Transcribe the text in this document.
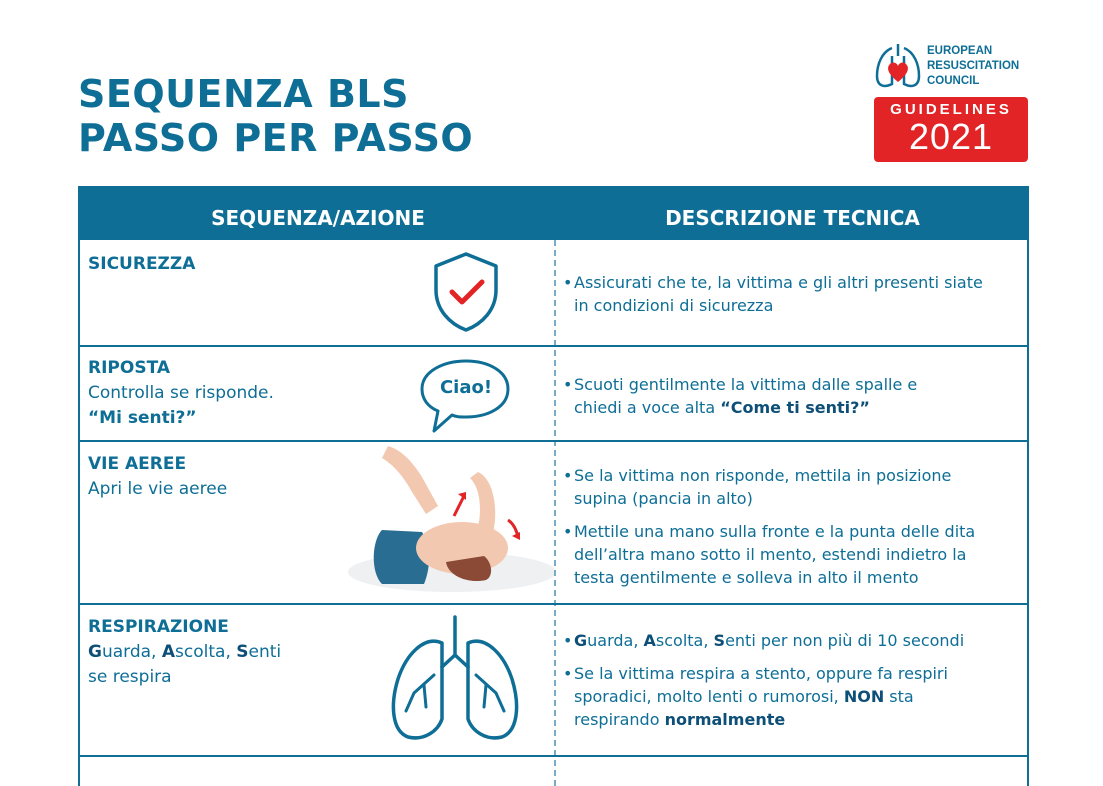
SEQUENZA BLS
PASSO PER PASSO
EUROPEAN
RESUSCITATION
COUNCIL
GUIDELINES
2021
SEQUENZA/AZIONE	DESCRIZIONE TECNICA
SICUREZZA
• Assicurati che te, la vittima e gli altri presenti siate
in condizioni di sicurezza
RIPOSTA
Controlla se risponde.
“Mi senti?”
Ciao!
•	Scuoti gentilmente la vittima dalle spalle e
chiedi a voce alta “Come ti senti?”
VIE AEREE
Apri le vie aeree
• Se la vittima non risponde, mettila in posizione
supina (pancia in alto)
• Mettile una mano sulla fronte e la punta delle dita
dell’altra mano sotto il mento, estendi indietro la
testa gentilmente e solleva in alto il mento
RESPIRAZIONE
Guarda, Ascolta, Senti
se respira
• Guarda, Ascolta, Senti per non più di 10 secondi
• Se la vittima respira a stento, oppure fa respiri
sporadici, molto lenti o rumorosi, NON sta
respirando normalmente
